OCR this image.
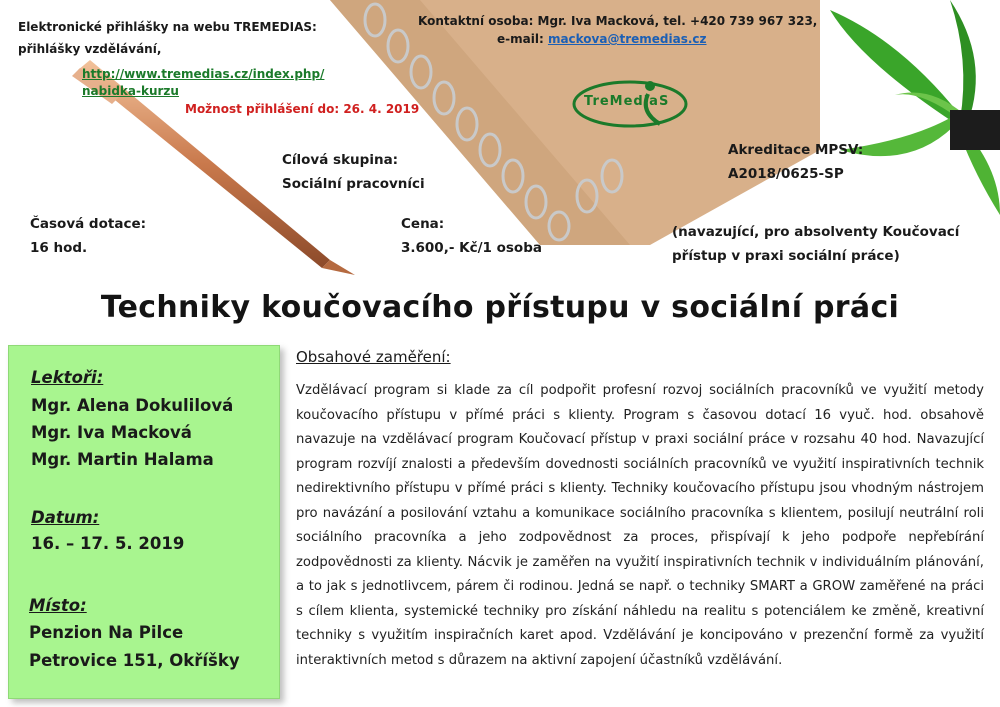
Elektronické přihlášky na webu TREMEDIAS:
přihlášky vzdělávání,
http://www.tremedias.cz/index.php/
nabidka-kurzu
Možnost přihlášení do: 26. 4. 2019
Kontaktní osoba: Mgr. Iva Macková, tel. +420 739 967 323,
e-mail: mackova@tremedias.cz
TreMediaS
Cílová skupina:
Sociální pracovníci
Akreditace MPSV:
A2018/0625-SP
Časová dotace:
16 hod.
Cena:
3.600,- Kč/1 osoba
(navazující, pro absolventy Koučovací
přístup v praxi sociální práce)
Techniky koučovacího přístupu v sociální práci
Lektoři:
Mgr. Alena Dokulilová
Mgr. Iva Macková
Mgr. Martin Halama
Datum:
16. – 17. 5. 2019
Místo:
Penzion Na Pilce
Petrovice 151, Okříšky
Obsahové zaměření:
Vzdělávací program si klade za cíl podpořit profesní rozvoj sociálních pracovníků ve využití metody koučovacího přístupu v přímé práci s klienty. Program s časovou dotací 16 vyuč. hod. obsahově navazuje na vzdělávací program Koučovací přístup v praxi sociální práce v rozsahu 40 hod. Navazující program rozvíjí znalosti a především dovednosti sociálních pracovníků ve využití inspirativních technik nedirektivního přístupu v přímé práci s klienty. Techniky koučovacího přístupu jsou vhodným nástrojem pro navázání a posilování vztahu a komunikace sociálního pracovníka s klientem, posilují neutrální roli sociálního pracovníka a jeho zodpovědnost za proces, přispívají k jeho podpoře nepřebírání zodpovědnosti za klienty. Nácvik je zaměřen na využití inspirativních technik v individuálním plánování, a to jak s jednotlivcem, párem či rodinou. Jedná se např. o techniky SMART a GROW zaměřené na práci s cílem klienta, systemické techniky pro získání náhledu na realitu s potenciálem ke změně, kreativní techniky s využitím inspiračních karet apod. Vzdělávání je koncipováno v prezenční formě za využití interaktivních metod s důrazem na aktivní zapojení účastníků vzdělávání.
